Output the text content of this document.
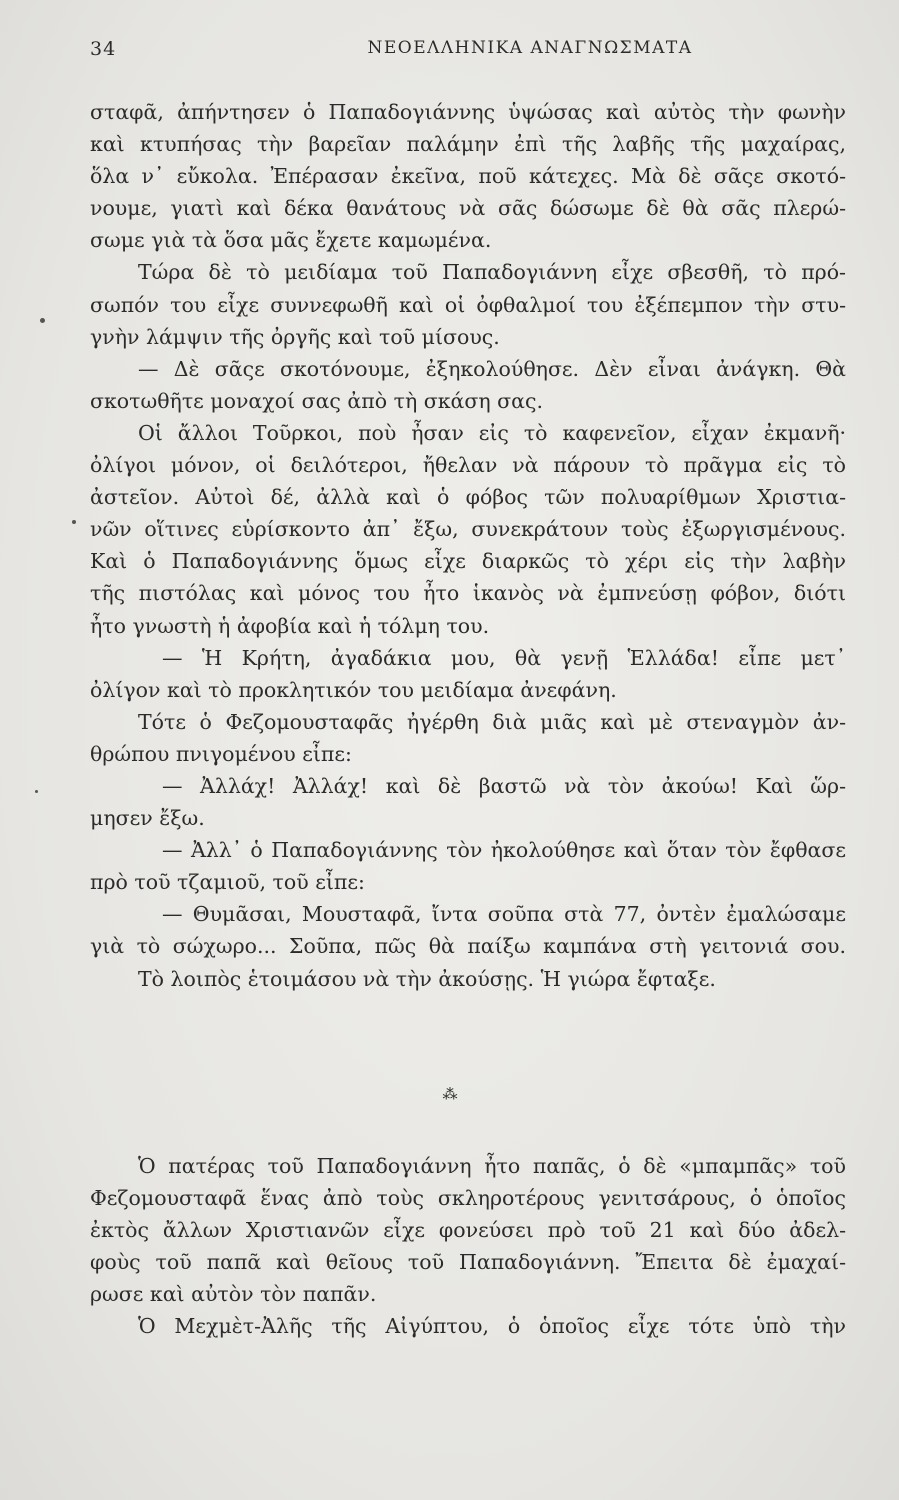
34	ΝΕΟΕΛΛΗΝΙΚΑ ΑΝΑΓΝΩΣΜΑΤΑ
σταφᾶ, ἀπήντησεν ὁ Παπαδογιάννης ὑψώσας καὶ αὐτὸς τὴν φωνὴν
καὶ κτυπήσας τὴν βαρεῖαν παλάμην ἐπὶ τῆς λαβῆς τῆς μαχαίρας,
ὅλα ν᾽ εὔκολα. Ἐπέρασαν ἐκεῖνα, ποῦ κάτεχες. Μὰ δὲ σᾶςε σκοτό-
νουμε, γιατὶ καὶ δέκα θανάτους νὰ σᾶς δώσωμε δὲ θὰ σᾶς πλερώ-
σωμε γιὰ τὰ ὅσα μᾶς ἔχετε καμωμένα.
Τώρα δὲ τὸ μειδίαμα τοῦ Παπαδογιάννη εἶχε σβεσθῆ, τὸ πρό-
σωπόν του εἶχε συννεφωθῆ καὶ οἱ ὀφθαλμοί του ἐξέπεμπον τὴν στυ-
γνὴν λάμψιν τῆς ὀργῆς καὶ τοῦ μίσους.
— Δὲ σᾶςε σκοτόνουμε, ἐξηκολούθησε. Δὲν εἶναι ἀνάγκη. Θὰ
σκοτωθῆτε μοναχοί σας ἀπὸ τὴ σκάση σας.
Οἱ ἄλλοι Τοῦρκοι, ποὺ ἦσαν εἰς τὸ καφενεῖον, εἶχαν ἐκμανῆ·
ὀλίγοι μόνον, οἱ δειλότεροι, ἤθελαν νὰ πάρουν τὸ πρᾶγμα εἰς τὸ
ἀστεῖον. Αὐτοὶ δέ, ἀλλὰ καὶ ὁ φόβος τῶν πολυαρίθμων Χριστια-
νῶν οἵτινες εὑρίσκοντο ἀπ᾽ ἔξω, συνεκράτουν τοὺς ἐξωργισμένους.
Καὶ ὁ Παπαδογιάννης ὅμως εἶχε διαρκῶς τὸ χέρι εἰς τὴν λαβὴν
τῆς πιστόλας καὶ μόνος του ἦτο ἱκανὸς νὰ ἐμπνεύσῃ φόβον, διότι
ἦτο γνωστὴ ἡ ἀφοβία καὶ ἡ τόλμη του.
— Ἡ Κρήτη, ἀγαδάκια μου, θὰ γενῇ Ἑλλάδα! εἶπε μετ᾽
ὀλίγον καὶ τὸ προκλητικόν του μειδίαμα ἀνεφάνη.
Τότε ὁ Φεζομουσταφᾶς ἠγέρθη διὰ μιᾶς καὶ μὲ στεναγμὸν ἀν-
θρώπου πνιγομένου εἶπε:
— Ἀλλάχ! Ἀλλάχ! καὶ δὲ βαστῶ νὰ τὸν ἀκούω! Καὶ ὥρ-
μησεν ἔξω.
— Ἀλλ᾽ ὁ Παπαδογιάννης τὸν ἠκολούθησε καὶ ὅταν τὸν ἔφθασε
πρὸ τοῦ τζαμιοῦ, τοῦ εἶπε:
— Θυμᾶσαι, Μουσταφᾶ, ἴντα σοῦπα στὰ 77, ὀντὲν ἐμαλώσαμε
γιὰ τὸ σώχωρο... Σοῦπα, πῶς θὰ παίξω καμπάνα στὴ γειτονιά σου.
Τὸ λοιπὸς ἑτοιμάσου νὰ τὴν ἀκούσῃς. Ἡ γιώρα ἔφταξε.
⁂
Ὁ πατέρας τοῦ Παπαδογιάννη ἦτο παπᾶς, ὁ δὲ «μπαμπᾶς» τοῦ
Φεζομουσταφᾶ ἕνας ἀπὸ τοὺς σκληροτέρους γενιτσάρους, ὁ ὁποῖος
ἐκτὸς ἄλλων Χριστιανῶν εἶχε φονεύσει πρὸ τοῦ 21 καὶ δύο ἀδελ-
φοὺς τοῦ παπᾶ καὶ θεῖους τοῦ Παπαδογιάννη. Ἔπειτα δὲ ἐμαχαί-
ρωσε καὶ αὐτὸν τὸν παπᾶν.
Ὁ Μεχμὲτ-Ἀλῆς τῆς Αἰγύπτου, ὁ ὁποῖος εἶχε τότε ὑπὸ τὴν
